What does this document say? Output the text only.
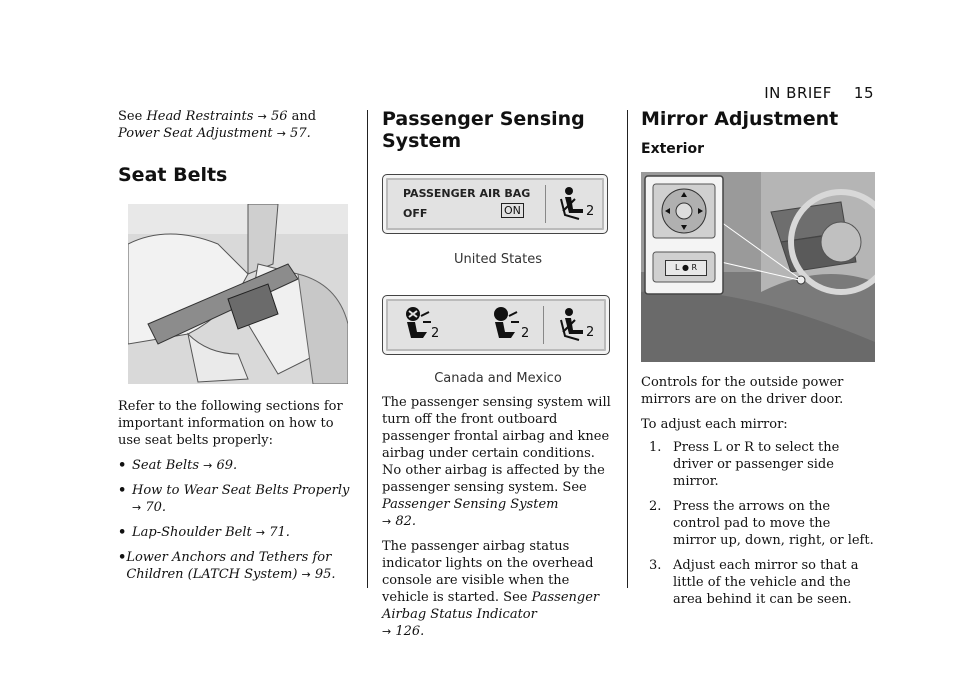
IN BRIEF 15

See Head Restraints → 56 and Power Seat Adjustment → 57.

Seat Belts

Refer to the following sections for important information on how to use seat belts properly:

• Seat Belts → 69.
• How to Wear Seat Belts Properly
→ 70.
• Lap-Shoulder Belt → 71.
• Lower Anchors and Tethers for Children (LATCH System) → 95.
Passenger Sensing System
PASSENGER AIR BAG
OFF	ON	2
United States
2	2	2
Canada and Mexico

The passenger sensing system will turn off the front outboard passenger frontal airbag and knee airbag under certain conditions. No other airbag is affected by the passenger sensing system. See Passenger Sensing System
→ 82.

The passenger airbag status indicator lights on the overhead console are visible when the vehicle is started. See Passenger Airbag Status Indicator
→ 126.

Mirror Adjustment
Exterior
L ● R

Controls for the outside power mirrors are on the driver door.

To adjust each mirror:

1. Press L or R to select the driver or passenger side mirror.
2. Press the arrows on the control pad to move the mirror up, down, right, or left.
3. Adjust each mirror so that a little of the vehicle and the area behind it can be seen.
